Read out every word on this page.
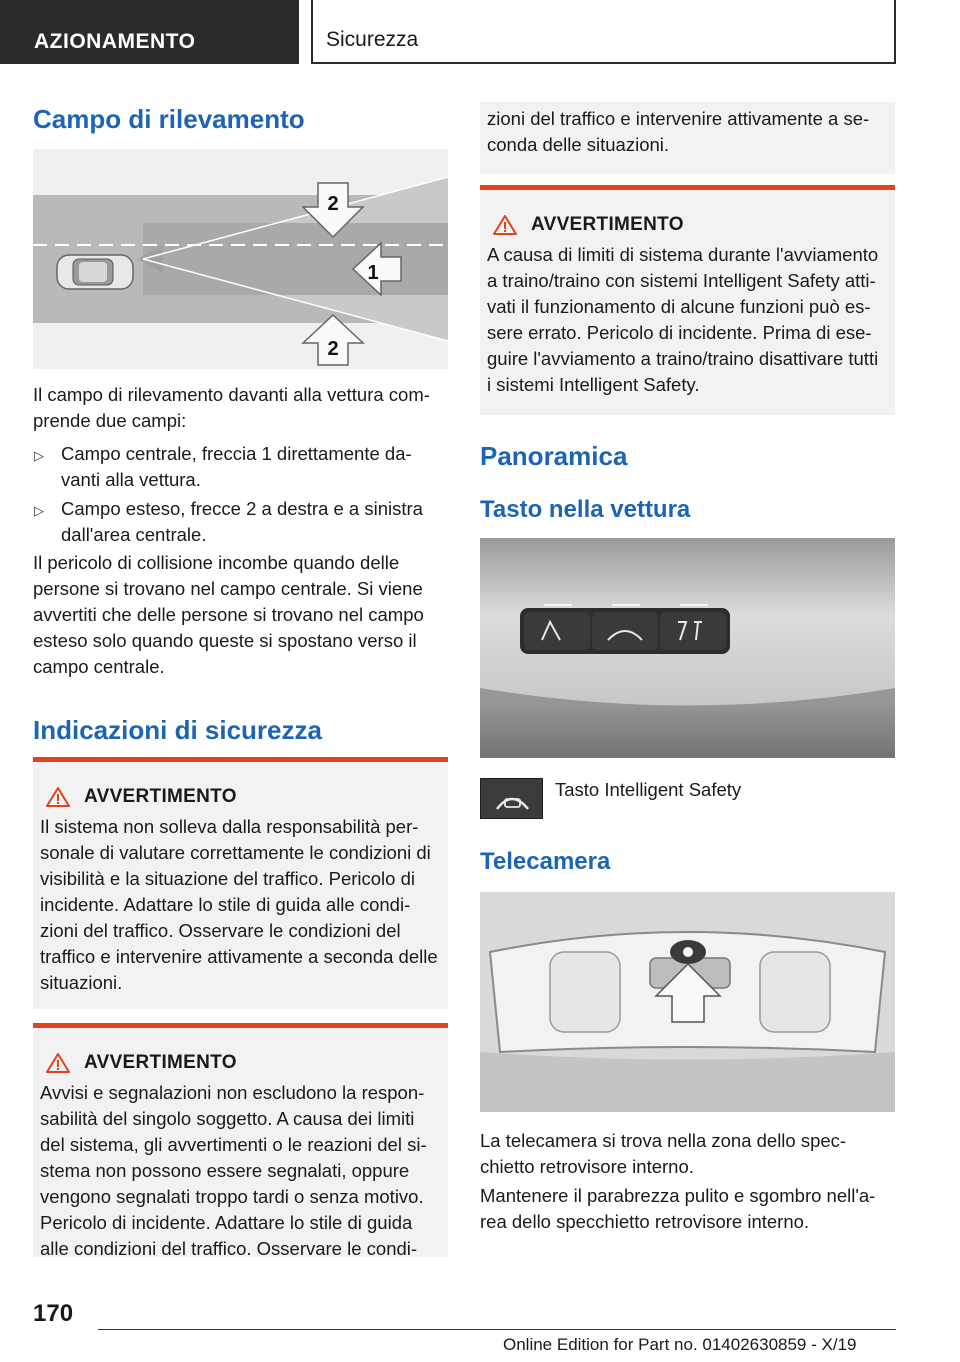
AZIONAMENTO	Sicurezza
Campo di rilevamento
2
1
2
Il campo di rilevamento davanti alla vettura com-prende due campi:
▷ Campo centrale, freccia 1 direttamente da-vanti alla vettura.
▷ Campo esteso, frecce 2 a destra e a sinistra dall'area centrale.
Il pericolo di collisione incombe quando delle persone si trovano nel campo centrale. Si viene avvertiti che delle persone si trovano nel campo esteso solo quando queste si spostano verso il campo centrale.
Indicazioni di sicurezza
AVVERTIMENTO
Il sistema non solleva dalla responsabilità per-sonale di valutare correttamente le condizioni di visibilità e la situazione del traffico. Pericolo di incidente. Adattare lo stile di guida alle condi-zioni del traffico. Osservare le condizioni del traffico e intervenire attivamente a seconda delle situazioni.
AVVERTIMENTO
Avvisi e segnalazioni non escludono la respon-sabilità del singolo soggetto. A causa dei limiti del sistema, gli avvertimenti o le reazioni del si-stema non possono essere segnalati, oppure vengono segnalati troppo tardi o senza motivo. Pericolo di incidente. Adattare lo stile di guida alle condizioni del traffico. Osservare le condi-
zioni del traffico e intervenire attivamente a se-conda delle situazioni.
AVVERTIMENTO
A causa di limiti di sistema durante l'avviamento a traino/traino con sistemi Intelligent Safety atti-vati il funzionamento di alcune funzioni può es-sere errato. Pericolo di incidente. Prima di ese-guire l'avviamento a traino/traino disattivare tutti i sistemi Intelligent Safety.
Panoramica
Tasto nella vettura
Tasto Intelligent Safety
Telecamera
La telecamera si trova nella zona dello spec-chietto retrovisore interno.
Mantenere il parabrezza pulito e sgombro nell'a-rea dello specchietto retrovisore interno.
170
Online Edition for Part no. 01402630859 - X/19
